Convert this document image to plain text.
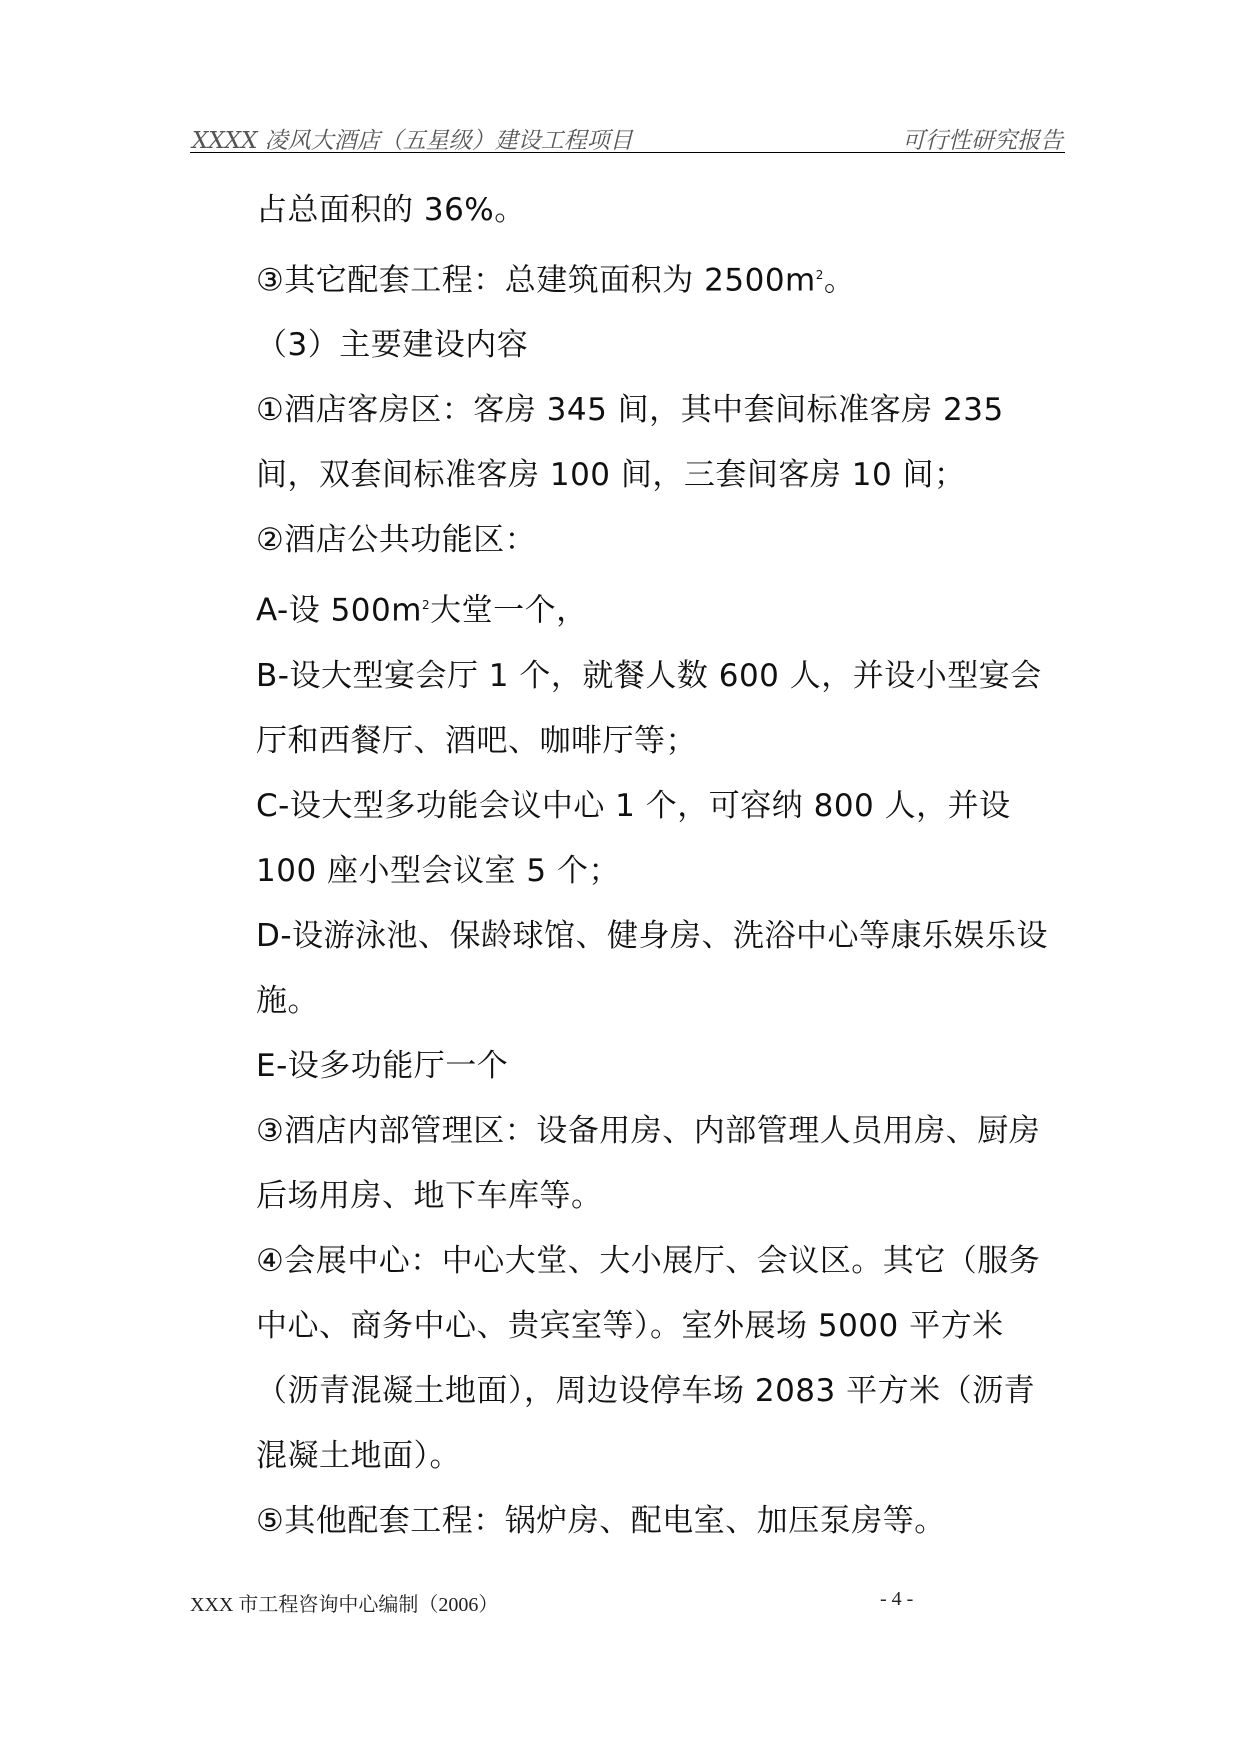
XXXX 凌风大酒店（五星级）建设工程项目	可行性研究报告

占总面积的 36%。

③其它配套工程：总建筑面积为 $2500m^2$。

（3）主要建设内容

①酒店客房区：客房 345 间，其中套间标准客房 235 间，双套间标准客房 100 间，三套间客房 10 间；

②酒店公共功能区：

A-设 $500m^2$大堂一个，

B-设大型宴会厅 1 个，就餐人数 600 人，并设小型宴会厅和西餐厅、酒吧、咖啡厅等；

C-设大型多功能会议中心 1 个，可容纳 800 人，并设 100 座小型会议室 5 个；

D-设游泳池、保龄球馆、健身房、洗浴中心等康乐娱乐设施。

E-设多功能厅一个

③酒店内部管理区：设备用房、内部管理人员用房、厨房后场用房、地下车库等。

④会展中心：中心大堂、大小展厅、会议区。其它（服务中心、商务中心、贵宾室等）。室外展场 5000 平方米（沥青混凝土地面），周边设停车场 2083 平方米（沥青混凝土地面）。

⑤其他配套工程：锅炉房、配电室、加压泵房等。

XXX 市工程咨询中心编制（2006）	- 4 -
